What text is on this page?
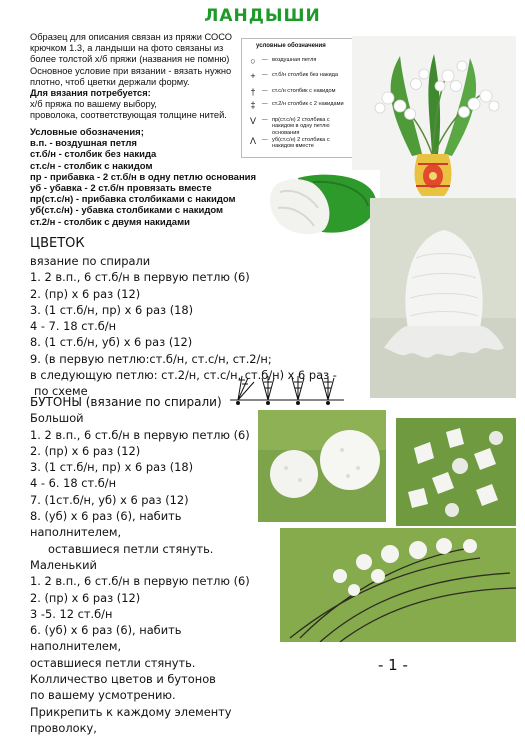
ЛАНДЫШИ
Образец для описания связан из пряжи СОСО
крючком 1.3, а ландыши на фото связаны из
более толстой х/б пряжи (названия не помню)
Основное условие при вязании - вязать нужно
плотно, чтоб цветки держали форму.
Для вязания потребуется:
х/б пряжа по вашему выбору,
проволока, соответствующая толщине нитей.
условные обозначения
○	— воздушная петля
+	— ст.б/н столбик без накида
†	— ст.с/н столбик с накидом
‡	— ст.2/н столбик с 2 накидами
V	— пр(ст.с/н) 2 столбика с накидом в одну петлю основания
Λ	— уб(ст.с/н) 2 столбика с накидом вместе
Условные обозначения;
в.п. - воздушная петля
ст.б/н - столбик без накида
ст.с/н - столбик с накидом
пр - прибавка - 2 ст.б/н в одну петлю основания
уб - убавка - 2 ст.б/н провязать вместе
пр(ст.с/н) - прибавка столбиками с накидом
уб(ст.с/н) - убавка столбиками с накидом
ст.2/н - столбик с двумя накидами
ЦВЕТОК
вязание по спирали
1. 2 в.п., 6 ст.б/н в первую петлю (6)
2. (пр) х 6 раз (12)
3. (1 ст.б/н, пр) х 6 раз (18)
4 - 7. 18 ст.б/н
8. (1 ст.б/н, уб) х 6 раз (12)
9. (в первую петлю:ст.б/н, ст.с/н, ст.2/н;
в следующую петлю: ст.2/н, ст.с/н, ст.б/н) х 6 раз -
по схеме
БУТОНЫ (вязание по спирали)
Большой
1. 2 в.п., 6 ст.б/н в первую петлю (6)
2. (пр) х 6 раз (12)
3. (1 ст.б/н, пр) х 6 раз (18)
4 - 6. 18 ст.б/н
7. (1ст.б/н, уб) х 6 раз (12)
8. (уб) х 6 раз (6), набить наполнителем,
оставшиеся петли стянуть.
Маленький
1. 2 в.п., 6 ст.б/н в первую петлю (6)
2. (пр) х 6 раз (12)
3 -5. 12 ст.б/н
6. (уб) х 6 раз (6), набить наполнителем,
оставшиеся петли стянуть.
Колличество цветов и бутонов
по вашему усмотрению.
Прикрепить к каждому элементу проволоку,
- 1 -
